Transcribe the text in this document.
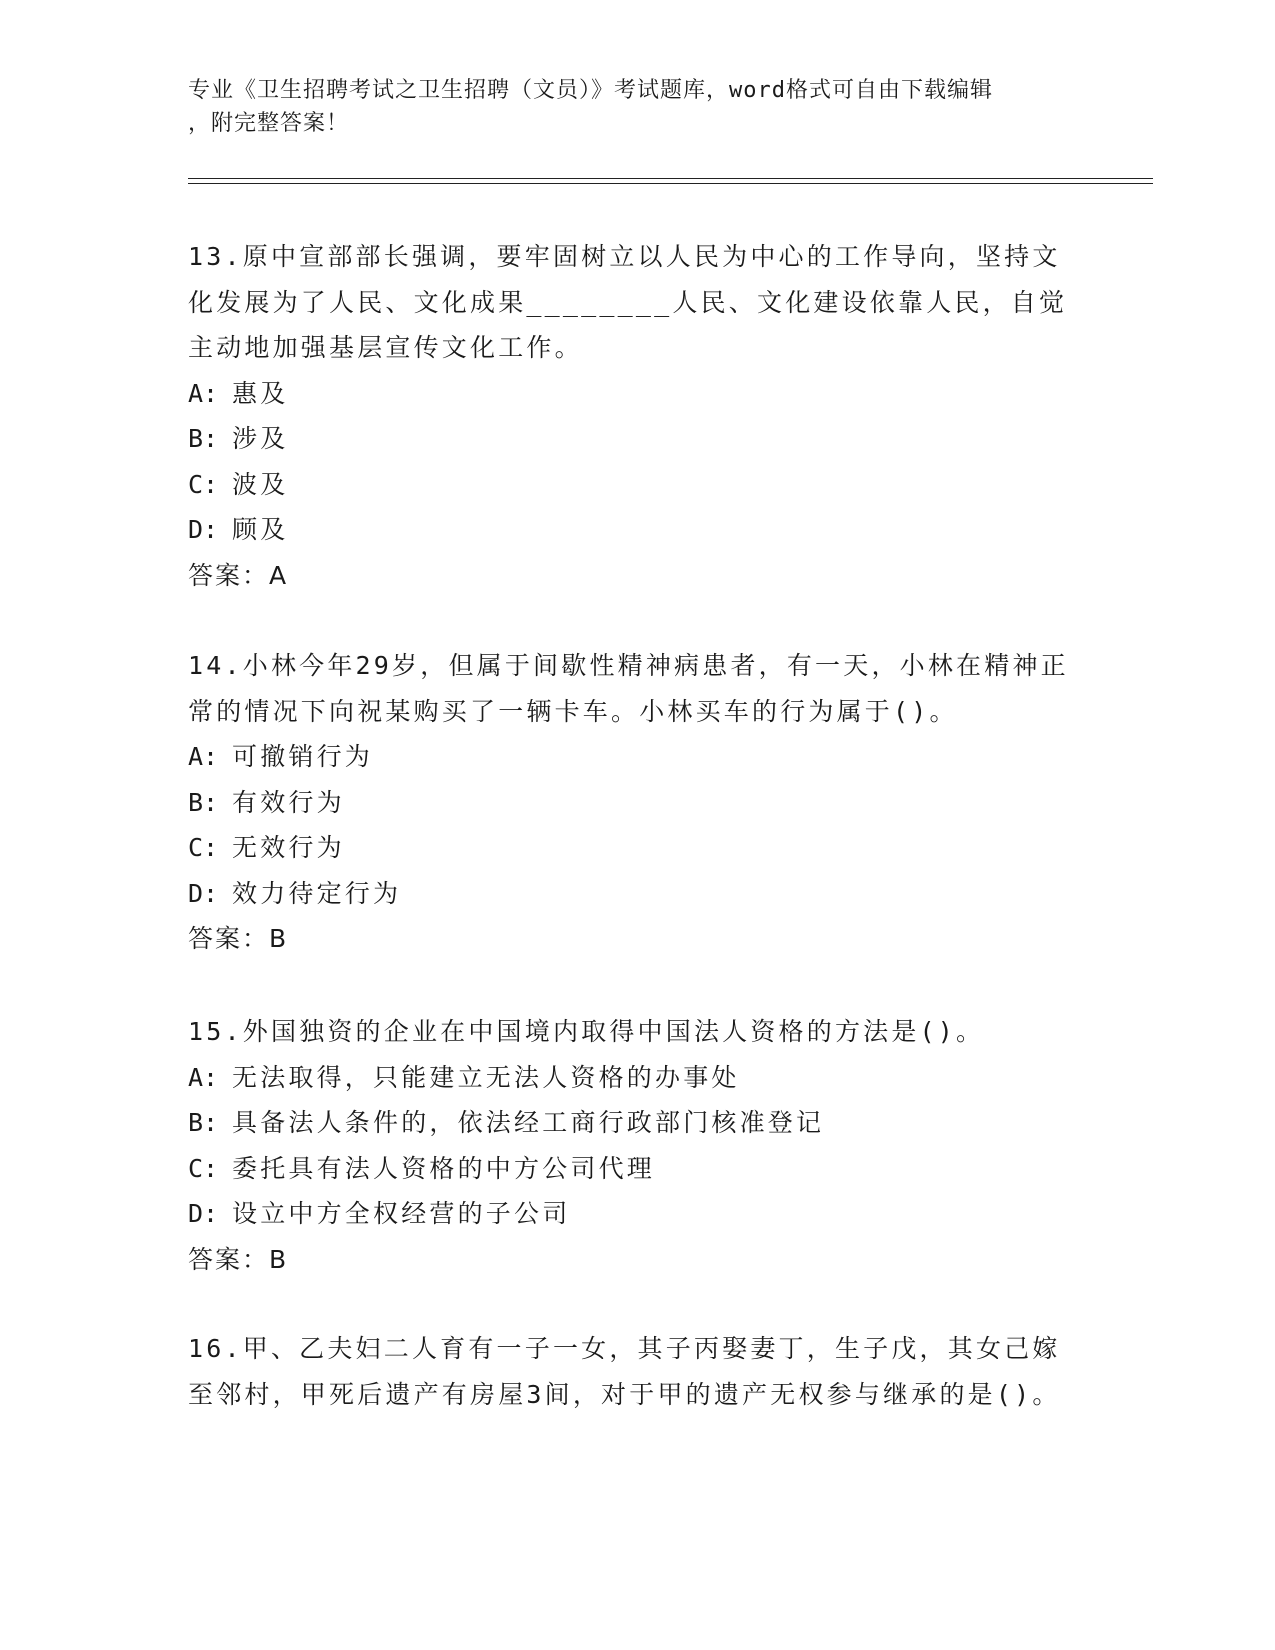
专业《卫生招聘考试之卫生招聘（文员）》考试题库，word格式可自由下载编辑
，附完整答案！
13.原中宣部部长强调，要牢固树立以人民为中心的工作导向，坚持文化发展为了人民、文化成果________人民、文化建设依靠人民，自觉主动地加强基层宣传文化工作。
A: 惠及
B: 涉及
C: 波及
D: 顾及
答案：A
14.小林今年29岁，但属于间歇性精神病患者，有一天，小林在精神正常的情况下向祝某购买了一辆卡车。小林买车的行为属于()。
A: 可撤销行为
B: 有效行为
C: 无效行为
D: 效力待定行为
答案：B
15.外国独资的企业在中国境内取得中国法人资格的方法是()。
A: 无法取得，只能建立无法人资格的办事处
B: 具备法人条件的，依法经工商行政部门核准登记
C: 委托具有法人资格的中方公司代理
D: 设立中方全权经营的子公司
答案：B
16.甲、乙夫妇二人育有一子一女，其子丙娶妻丁，生子戊，其女己嫁至邻村，甲死后遗产有房屋3间，对于甲的遗产无权参与继承的是()。
